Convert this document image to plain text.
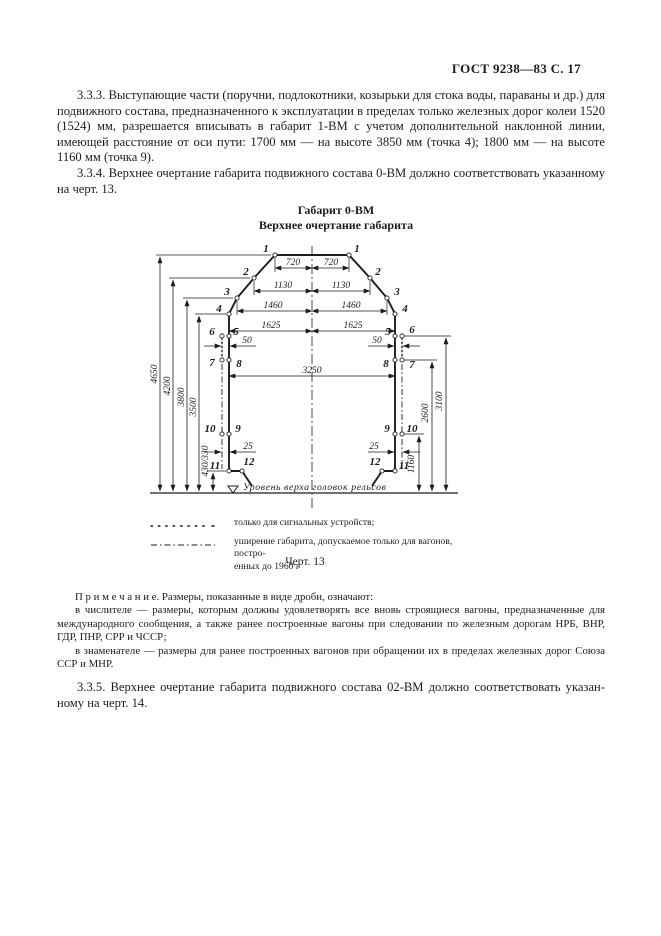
ГОСТ 9238—83 С. 17

3.3.3. Выступающие части (поручни, подлокотники, козырьки для стока воды, параваны и др.) для подвижного состава, предназначенного к эксплуатации в пределах только железных дорог колеи 1520 (1524) мм, разрешается вписывать в габарит 1-ВМ с учетом дополнительной наклонной линии, имеющей расстояние от оси пути: 1700 мм — на высоте 3850 мм (точка 4); 1800 мм — на высоте 1160 мм (точка 9).

3.3.4. Верхнее очертание габарита подвижного состава 0-ВМ должно соответствовать указанному на черт. 13.

Габарит 0-ВМ
Верхнее очертание габарита
Уровень верха головок рельсов
720	720
1130	1130
1460	1460
1625	1625
50	50
3250
25	25
4650
4200
3800
3500
430/330	1160
2600
3100
1	1
2	2
3	3
4	4
5	5
6	6
7	7
8	8
9	9
10	10
11	11
12	12
только для сигнальных устройств;
уширение габарита, допускаемое только для вагонов, постро-
енных до 1960 г
Черт. 13

П р и м е ч а н и е. Размеры, показанные в виде дроби, означают:

в числителе — размеры, которым должны удовлетворять все вновь строящиеся вагоны, предназначенные для международного сообщения, а также ранее построенные вагоны при следовании по железным дорогам НРБ, ВНР, ГДР, ПНР, СРР и ЧССР;

в знаменателе — размеры для ранее построенных вагонов при обращении их в пределах железных дорог Союза ССР и МНР.

3.3.5. Верхнее очертание габарита подвижного состава 02-ВМ должно соответствовать указанному на черт. 14.
